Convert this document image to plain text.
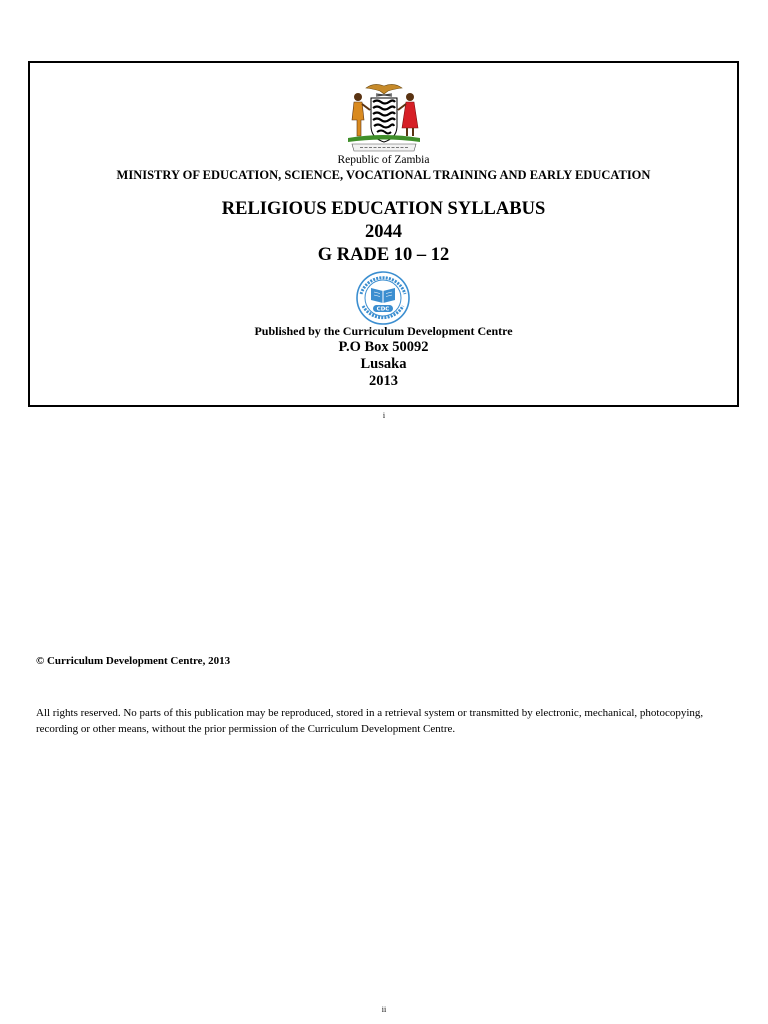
Republic of Zambia
MINISTRY OF EDUCATION, SCIENCE, VOCATIONAL TRAINING AND EARLY EDUCATION
RELIGIOUS EDUCATION SYLLABUS
2044
G RADE 10 – 12
CDC
Published by the Curriculum Development Centre
P.O Box 50092
Lusaka
2013
i
© Curriculum Development Centre, 2013
All rights reserved. No parts of this publication may be reproduced, stored in a retrieval system or transmitted by electronic, mechanical, photocopying, recording or other means, without the prior permission of the Curriculum Development Centre.
ii
